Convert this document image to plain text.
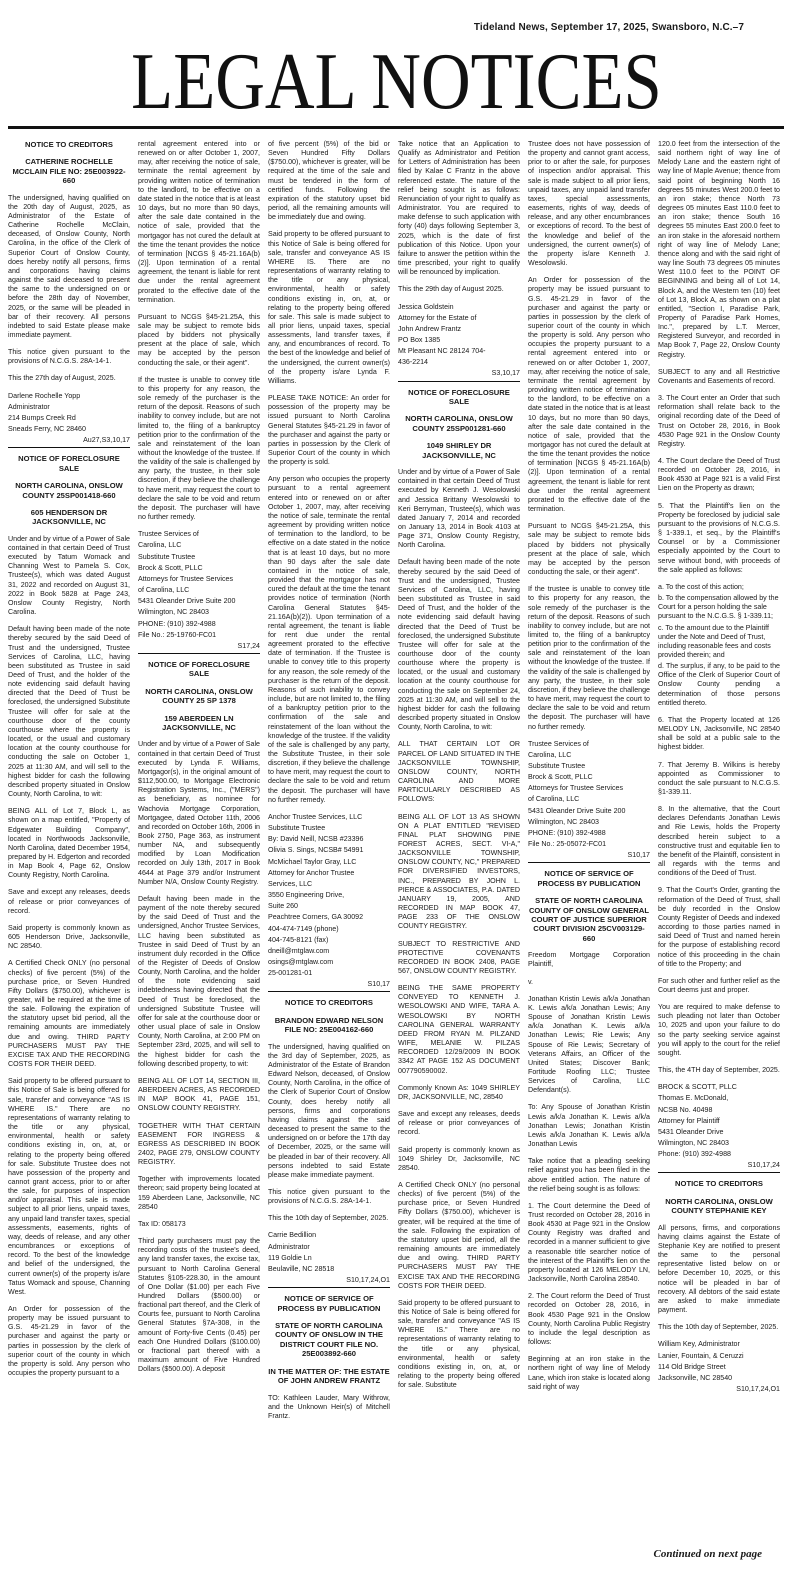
Tideland News, September 17, 2025, Swansboro, N.C.–7
LEGAL NOTICES
NOTICE TO CREDITORS
CATHERINE ROCHELLE MCCLAIN FILE NO: 25E003922-660

The undersigned, having qualified on the 20th day of August, 2025, as Administrator of the Estate of Catherine Rochelle McClain, deceased, of Onslow County, North Carolina, in the office of the Clerk of Superior Court of Onslow County, does hereby notify all persons, firms and corporations having claims against the said deceased to present the same to the undersigned on or before the 28th day of November, 2025, or the same will be pleaded in bar of their recovery. All persons indebted to said Estate please make immediate payment.

This notice given pursuant to the provisions of N.C.G.S. 28A-14-1.

This the 27th day of August, 2025.

Darlene Rochelle Yopp
Administrator
214 Bumps Creek Rd
Sneads Ferry, NC 28460
Au27,S3,10,17
NOTICE OF FORECLOSURE SALE
NORTH CAROLINA, ONSLOW COUNTY 25SP001418-660
605 HENDERSON DR JACKSONVILLE, NC

Under and by virtue of a Power of Sale contained in that certain Deed of Trust executed by Tatum Womack and Channing West to Pamela S. Cox, Trustee(s), which was dated August 31, 2022 and recorded on August 31, 2022 in Book 5828 at Page 243, Onslow County Registry, North Carolina.

Default having been made of the note thereby secured by the said Deed of Trust and the undersigned, Trustee Services of Carolina, LLC, having been substituted as Trustee in said Deed of Trust, and the holder of the note evidencing said default having directed that the Deed of Trust be foreclosed, the undersigned Substitute Trustee will offer for sale at the courthouse door of the county courthouse where the property is located, or the usual and customary location at the county courthouse for conducting the sale on October 1, 2025 at 11:30 AM, and will sell to the highest bidder for cash the following described property situated in Onslow County, North Carolina, to wit:

BEING ALL of Lot 7, Block L, as shown on a map entitled, "Property of Edgewater Building Company", located in Northwoods Jacksonville, North Carolina, dated December 1954, prepared by H. Edgerton and recorded in Map Book 4, Page 62, Onslow County Registry, North Carolina.

Save and except any releases, deeds of release or prior conveyances of record.

Said property is commonly known as 605 Henderson Drive, Jacksonville, NC 28540.

A Certified Check ONLY (no personal checks) of five percent (5%) of the purchase price, or Seven Hundred Fifty Dollars ($750.00), whichever is greater, will be required at the time of the sale. Following the expiration of the statutory upset bid period, all the remaining amounts are immediately due and owing. THIRD PARTY PURCHASERS MUST PAY THE EXCISE TAX AND THE RECORDING COSTS FOR THEIR DEED.

Said property to be offered pursuant to this Notice of Sale is being offered for sale, transfer and conveyance "AS IS WHERE IS." There are no representations of warranty relating to the title or any physical, environmental, health or safety conditions existing in, on, at, or relating to the property being offered for sale. Substitute Trustee does not have possession of the property and cannot grant access, prior to or after the sale, for purposes of inspection and/or appraisal. This sale is made subject to all prior liens, unpaid taxes, any unpaid land transfer taxes, special assessments, easements, rights of way, deeds of release, and any other encumbrances or exceptions of record. To the best of the knowledge and belief of the undersigned, the current owner(s) of the property is/are Tatus Womack and spouse, Channing West.

An Order for possession of the property may be issued pursuant to G.S. 45-21.29 in favor of the purchaser and against the party or parties in possession by the clerk of superior court of the county in which the property is sold. Any person who occupies the property pursuant to a

rental agreement entered into or renewed on or after October 1, 2007, may, after receiving the notice of sale, terminate the rental agreement by providing written notice of termination to the landlord, to be effective on a date stated in the notice that is at least 10 days, but no more than 90 days, after the sale date contained in the notice of sale, provided that the mortgagor has not cured the default at the time the tenant provides the notice of termination [NCGS § 45-21.16A(b)(2)]. Upon termination of a rental agreement, the tenant is liable for rent due under the rental agreement prorated to the effective date of the termination.

Pursuant to NCGS §45-21.25A, this sale may be subject to remote bids placed by bidders not physically present at the place of sale, which may be accepted by the person conducting the sale, or their agent".

If the trustee is unable to convey title to this property for any reason, the sole remedy of the purchaser is the return of the deposit. Reasons of such inability to convey include, but are not limited to, the filing of a bankruptcy petition prior to the confirmation of the sale and reinstatement of the loan without the knowledge of the trustee. If the validity of the sale is challenged by any party, the trustee, in their sole discretion, if they believe the challenge to have merit, may request the court to declare the sale to be void and return the deposit. The purchaser will have no further remedy.

Trustee Services of
Carolina, LLC
Substitute Trustee
Brock & Scott, PLLC
Attorneys for Trustee Services
of Carolina, LLC
5431 Oleander Drive Suite 200
Wilmington, NC 28403
PHONE: (910) 392-4988
File No.: 25-19760-FC01
S17,24
NOTICE OF FORECLOSURE SALE
NORTH CAROLINA, ONSLOW COUNTY 25 SP 1378
159 ABERDEEN LN JACKSONVILLE, NC

Under and by virtue of a Power of Sale contained in that certain Deed of Trust executed by Lynda F. Williams, Mortgagor(s), in the original amount of $112,500.00, to Mortgage Electronic Registration Systems, Inc., ("MERS") as beneficiary, as nominee for Wachovia Mortgage Corporation, Mortgagee, dated October 11th, 2006 and recorded on October 16th, 2006 in Book 2750, Page 363, as instrument number NA, and subsequently modified by Loan Modification recorded on July 13th, 2017 in Book 4644 at Page 379 and/or Instrument Number N/A, Onslow County Registry.

Default having been made in the payment of the note thereby secured by the said Deed of Trust and the undersigned, Anchor Trustee Services, LLC having been substituted as Trustee in said Deed of Trust by an instrument duly recorded in the Office of the Register of Deeds of Onslow County, North Carolina, and the holder of the note evidencing said indebtedness having directed that the Deed of Trust be foreclosed, the undersigned Substitute Trustee will offer for sale at the courthouse door or other usual place of sale in Onslow County, North Carolina, at 2:00 PM on September 23rd, 2025, and will sell to the highest bidder for cash the following described property, to wit:

BEING ALL OF LOT 14, SECTION III, ABERDEEN ACRES, AS RECORDED IN MAP BOOK 41, PAGE 151, ONSLOW COUNTY REGISTRY.

TOGETHER WITH THAT CERTAIN EASEMENT FOR INGRESS & EGRESS AS DESCRIBED IN BOOK 2402, PAGE 279, ONSLOW COUNTY REGISTRY.

Together with improvements located thereon; said property being located at 159 Aberdeen Lane, Jacksonville, NC 28540

Tax ID: 058173

Third party purchasers must pay the recording costs of the trustee's deed, any land transfer taxes, the excise tax, pursuant to North Carolina General Statutes §105-228.30, in the amount of One Dollar ($1.00) per each Five Hundred Dollars ($500.00) or fractional part thereof, and the Clerk of Courts fee, pursuant to North Carolina General Statutes §7A-308, in the amount of Forty-five Cents (0.45) per each One Hundred Dollars ($100.00) or fractional part thereof with a maximum amount of Five Hundred Dollars ($500.00). A deposit

of five percent (5%) of the bid or Seven Hundred Fifty Dollars ($750.00), whichever is greater, will be required at the time of the sale and must be tendered in the form of certified funds. Following the expiration of the statutory upset bid period, all the remaining amounts will be immediately due and owing.

Said property to be offered pursuant to this Notice of Sale is being offered for sale, transfer and conveyance AS IS WHERE IS. There are no representations of warranty relating to the title or any physical, environmental, health or safety conditions existing in, on, at, or relating to the property being offered for sale. This sale is made subject to all prior liens, unpaid taxes, special assessments, land transfer taxes, if any, and encumbrances of record. To the best of the knowledge and belief of the undersigned, the current owner(s) of the property is/are Lynda F. Williams.

PLEASE TAKE NOTICE: An order for possession of the property may be issued pursuant to North Carolina General Statutes §45-21.29 in favor of the purchaser and against the party or parties in possession by the Clerk of Superior Court of the county in which the property is sold.

Any person who occupies the property pursuant to a rental agreement entered into or renewed on or after October 1, 2007, may, after receiving the notice of sale, terminate the rental agreement by providing written notice of termination to the landlord, to be effective on a date stated in the notice that is at least 10 days, but no more than 90 days after the sale date contained in the notice of sale, provided that the mortgagor has not cured the default at the time the tenant provides notice of termination (North Carolina General Statutes §45-21.16A(b)(2)). Upon termination of a rental agreement, the tenant is liable for rent due under the rental agreement prorated to the effective date of termination. If the Trustee is unable to convey title to this property for any reason, the sole remedy of the purchaser is the return of the deposit. Reasons of such inability to convey include, but are not limited to, the filing of a bankruptcy petition prior to the confirmation of the sale and reinstatement of the loan without the knowledge of the trustee. If the validity of the sale is challenged by any party, the Substitute Trustee, in their sole discretion, if they believe the challenge to have merit, may request the court to declare the sale to be void and return the deposit. The purchaser will have no further remedy.

Anchor Trustee Services, LLC
Substitute Trustee
By: David Neill, NCSB #23396
Olivia S. Sings, NCSB# 54991
McMichael Taylor Gray, LLC
Attorney for Anchor Trustee
Services, LLC
3550 Engineering Drive,
Suite 260
Peachtree Corners, GA 30092
404-474-7149 (phone)
404-745-8121 (fax)
dneill@mtglaw.com
osings@mtglaw.com
25-001281-01
S10,17
NOTICE TO CREDITORS
BRANDON EDWARD NELSON FILE NO: 25E004162-660

The undersigned, having qualified on the 3rd day of September, 2025, as Administrator of the Estate of Brandon Edward Nelson, deceased, of Onslow County, North Carolina, in the office of the Clerk of Superior Court of Onslow County, does hereby notify all persons, firms and corporations having claims against the said deceased to present the same to the undersigned on or before the 17th day of December, 2025, or the same will be pleaded in bar of their recovery. All persons indebted to said Estate please make immediate payment.

This notice given pursuant to the provisions of N.C.G.S. 28A-14-1.

This the 10th day of September, 2025.

Carrie Bedillion
Administrator
119 Goldie Ln
Beulaville, NC 28518
S10,17,24,O1
NOTICE OF SERVICE OF PROCESS BY PUBLICATION
STATE OF NORTH CAROLINA COUNTY OF ONSLOW IN THE DISTRICT COURT FILE NO. 25E003892-660
IN THE MATTER OF: THE ESTATE OF JOHN ANDREW FRANTZ

TO: Kathleen Lauder, Mary Withrow, and the Unknown Heir(s) of Mitchell Frantz.

Take notice that an Application to Qualify as Administrator and Petition for Letters of Administration has been filed by Kalae C Frantz in the above referenced estate. The nature of the relief being sought is as follows: Renunciation of your right to qualify as Administrator. You are required to make defense to such application with forty (40) days following September 3, 2025, which is the date of first publication of this Notice. Upon your failure to answer the petition within the time prescribed, your right to qualify will be renounced by implication.

This the 29th day of August 2025.

Jessica Goldstein
Attorney for the Estate of
John Andrew Frantz
PO Box 1385
Mt Pleasant NC 28124 704-
436-2214
S3,10,17
NOTICE OF FORECLOSURE SALE
NORTH CAROLINA, ONSLOW COUNTY 25SP001281-660
1049 SHIRLEY DR JACKSONVILLE, NC

Under and by virtue of a Power of Sale contained in that certain Deed of Trust executed by Kenneth J. Wesolowski and Jessica Brittany Wesolowski to Keri Berryman, Trustee(s), which was dated January 7, 2014 and recorded on January 13, 2014 in Book 4103 at Page 371, Onslow County Registry, North Carolina.

Default having been made of the note thereby secured by the said Deed of Trust and the undersigned, Trustee Services of Carolina, LLC, having been substituted as Trustee in said Deed of Trust, and the holder of the note evidencing said default having directed that the Deed of Trust be foreclosed, the undersigned Substitute Trustee will offer for sale at the courthouse door of the county courthouse where the property is located, or the usual and customary location at the county courthouse for conducting the sale on September 24, 2025 at 11:30 AM, and will sell to the highest bidder for cash the following described property situated in Onslow County, North Carolina, to wit:

ALL THAT CERTAIN LOT OR PARCEL OF LAND SITUATED IN THE JACKSONVILLE TOWNSHIP, ONSLOW COUNTY, NORTH CAROLINA AND MORE PARTICULARLY DESCRIBED AS FOLLOWS:

BEING ALL OF LOT 13 AS SHOWN ON A PLAT ENTITLED "REVISED FINAL PLAT SHOWING PINE FOREST ACRES, SECT. VI-A," JACKSONVILLE TOWNSHIP, ONSLOW COUNTY, NC," PREPARED FOR DIVERSIFIED INVESTORS, INC., PREPARED BY JOHN L. PIERCE & ASSOCIATES, P.A. DATED JANUARY 19, 2005, AND RECORDED IN MAP BOOK 47, PAGE 233 OF THE ONSLOW COUNTY REGISTRY.

SUBJECT TO RESTRICTIVE AND PROTECTIVE COVENANTS RECORDED IN BOOK 2408, PAGE 567, ONSLOW COUNTY REGISTRY.

BEING THE SAME PROPERTY CONVEYED TO KENNETH J. WESOLOWSKI AND WIFE, TARA A. WESOLOWSKI BY NORTH CAROLINA GENERAL WARRANTY DEED FROM RYAN M. PILZAND WIFE, MELANIE W. PILZAS RECORDED 12/29/2009 IN BOOK 3342 AT PAGE 152 AS DOCUMENT 007790590002.

Commonly Known As: 1049 SHIRLEY DR, JACKSONVILLE, NC, 28540

Save and except any releases, deeds of release or prior conveyances of record.

Said property is commonly known as 1049 Shirley Dr, Jacksonville, NC 28540.

A Certified Check ONLY (no personal checks) of five percent (5%) of the purchase price, or Seven Hundred Fifty Dollars ($750.00), whichever is greater, will be required at the time of the sale. Following the expiration of the statutory upset bid period, all the remaining amounts are immediately due and owing. THIRD PARTY PURCHASERS MUST PAY THE EXCISE TAX AND THE RECORDING COSTS FOR THEIR DEED.

Said property to be offered pursuant to this Notice of Sale is being offered for sale, transfer and conveyance "AS IS WHERE IS." There are no representations of warranty relating to the title or any physical, environmental, health or safety conditions existing in, on, at, or relating to the property being offered for sale. Substitute

Trustee does not have possession of the property and cannot grant access, prior to or after the sale, for purposes of inspection and/or appraisal. This sale is made subject to all prior liens, unpaid taxes, any unpaid land transfer taxes, special assessments, easements, rights of way, deeds of release, and any other encumbrances or exceptions of record. To the best of the knowledge and belief of the undersigned, the current owner(s) of the property is/are Kenneth J. Wesolowski.

An Order for possession of the property may be issued pursuant to G.S. 45-21.29 in favor of the purchaser and against the party or parties in possession by the clerk of superior court of the county in which the property is sold. Any person who occupies the property pursuant to a rental agreement entered into or renewed on or after October 1, 2007, may, after receiving the notice of sale, terminate the rental agreement by providing written notice of termination to the landlord, to be effective on a date stated in the notice that is at least 10 days, but no more than 90 days, after the sale date contained in the notice of sale, provided that the mortgagor has not cured the default at the time the tenant provides the notice of termination [NCGS § 45-21.16A(b)(2)]. Upon termination of a rental agreement, the tenant is liable for rent due under the rental agreement prorated to the effective date of the termination.

Pursuant to NCGS §45-21.25A, this sale may be subject to remote bids placed by bidders not physically present at the place of sale, which may be accepted by the person conducting the sale, or their agent".

If the trustee is unable to convey title to this property for any reason, the sole remedy of the purchaser is the return of the deposit. Reasons of such inability to convey include, but are not limited to, the filing of a bankruptcy petition prior to the confirmation of the sale and reinstatement of the loan without the knowledge of the trustee. If the validity of the sale is challenged by any party, the trustee, in their sole discretion, if they believe the challenge to have merit, may request the court to declare the sale to be void and return the deposit. The purchaser will have no further remedy.

Trustee Services of
Carolina, LLC
Substitute Trustee
Brock & Scott, PLLC
Attorneys for Trustee Services
of Carolina, LLC
5431 Oleander Drive Suite 200
Wilmington, NC 28403
PHONE: (910) 392-4988
File No.: 25-05072-FC01
S10,17
NOTICE OF SERVICE OF PROCESS BY PUBLICATION
STATE OF NORTH CAROLINA COUNTY OF ONSLOW GENERAL COURT OF JUSTICE SUPERIOR COURT DIVISION 25CV003129-660

Freedom Mortgage Corporation Plaintiff,

v.

Jonathan Kristin Lewis a/k/a Jonathan K. Lewis a/k/a Jonathan Lewis; Any Spouse of Jonathan Kristin Lewis a/k/a Jonathan K. Lewis a/k/a Jonathan Lewis; Rie Lewis; Any Spouse of Rie Lewis; Secretary of Veterans Affairs, an Officer of the United States; Discover Bank; Fortitude Roofing LLC; Trustee Services of Carolina, LLC Defendant(s).

To: Any Spouse of Jonathan Kristin Lewis a/k/a Jonathan K. Lewis a/k/a Jonathan Lewis; Jonathan Kristin Lewis a/k/a Jonathan K. Lewis a/k/a Jonathan Lewis

Take notice that a pleading seeking relief against you has been filed in the above entitled action. The nature of the relief being sought is as follows:

1. The Court determine the Deed of Trust recorded on October 28, 2016 in Book 4530 at Page 921 in the Onslow County Registry was drafted and recorded in a manner sufficient to give a reasonable title searcher notice of the interest of the Plaintiff's lien on the property located at 126 MELODY LN, Jacksonville, North Carolina 28540.

2. The Court reform the Deed of Trust recorded on October 28, 2016, in Book 4530 Page 921 in the Onslow County, North Carolina Public Registry to include the legal description as follows:

Beginning at an iron stake in the northern right of way line of Melody Lane, which iron stake is located along said right of way

120.0 feet from the intersection of the said northern right of way line of Melody Lane and the eastern right of way line of Maple Avenue; thence from said point of beginning North 16 degrees 55 minutes West 200.0 feet to an iron stake; thence North 73 degrees 05 minutes East 110.0 feet to an iron stake; thence South 16 degrees 55 minutes East 200.0 feet to an iron stake in the aforesaid northern right of way line of Melody Lane; thence along and with the said right of way line South 73 degrees 05 minutes West 110.0 feet to the POINT OF BEGINNING and being all of Lot 14, Block A, and the Western ten (10) feet of Lot 13, Block A, as shown on a plat entitled, "Section I, Paradise Park, Property of Paradise Park Homes, Inc.", prepared by L.T. Mercer, Registered Surveyor, and recorded in Map Book 7, Page 22, Onslow County Registry.

SUBJECT to any and all Restrictive Covenants and Easements of record.

3. The Court enter an Order that such reformation shall relate back to the original recording date of the Deed of Trust on October 28, 2016, in Book 4530 Page 921 in the Onslow County Registry.

4. The Court declare the Deed of Trust recorded on October 28, 2016, in Book 4530 at Page 921 is a valid First Lien on the Property as drawn;

5. That the Plaintiff's lien on the Property be foreclosed by judicial sale pursuant to the provisions of N.C.G.S. § 1-339.1, et seq., by the Plaintiff's Counsel or by a Commissioner especially appointed by the Court to serve without bond, with proceeds of the sale applied as follows:

a. To the cost of this action;
b. To the compensation allowed by the Court for a person holding the sale pursuant to the N.C.G.S. § 1-339.11;
c. To the amount due to the Plaintiff under the Note and Deed of Trust, including reasonable fees and costs provided therein; and

d. The surplus, if any, to be paid to the Office of the Clerk of Superior Court of Onslow County pending a determination of those persons entitled thereto.

6. That the Property located at 126 MELODY LN, Jacksonville, NC 28540 shall be sold at a public sale to the highest bidder.

7. That Jeremy B. Wilkins is hereby appointed as Commissioner to conduct the sale pursuant to N.C.G.S. §1-339.11.

8. In the alternative, that the Court declares Defendants Jonathan Lewis and Rie Lewis, holds the Property described herein subject to a constructive trust and equitable lien to the benefit of the Plaintiff, consistent in all regards with the terms and conditions of the Deed of Trust.

9. That the Court's Order, granting the reformation of the Deed of Trust, shall be duly recorded in the Onslow County Register of Deeds and indexed according to those parties named in said Deed of Trust and named herein for the purpose of establishing record notice of this proceeding in the chain of title to the Property; and

For such other and further relief as the Court deems just and proper.

You are required to make defense to such pleading not later than October 10, 2025 and upon your failure to do so the party seeking service against you will apply to the court for the relief sought.

This, the 4TH day of September, 2025.

BROCK & SCOTT, PLLC
Thomas E. McDonald,
NCSB No. 40498
Attorney for Plaintiff
5431 Oleander Drive
Wilmington, NC 28403
Phone: (910) 392-4988
S10,17,24
NOTICE TO CREDITORS
NORTH CAROLINA, ONSLOW COUNTY STEPHANIE KEY

All persons, firms, and corporations having claims against the Estate of Stephanie Key are notified to present the same to the personal representative listed below on or before December 10, 2025, or this notice will be pleaded in bar of recovery. All debtors of the said estate are asked to make immediate payment.

This the 10th day of September, 2025.

William Key, Administrator
Lanier, Fountain, & Ceruzzi
114 Old Bridge Street
Jacksonville, NC 28540
S10,17,24,O1
Continued on next page
